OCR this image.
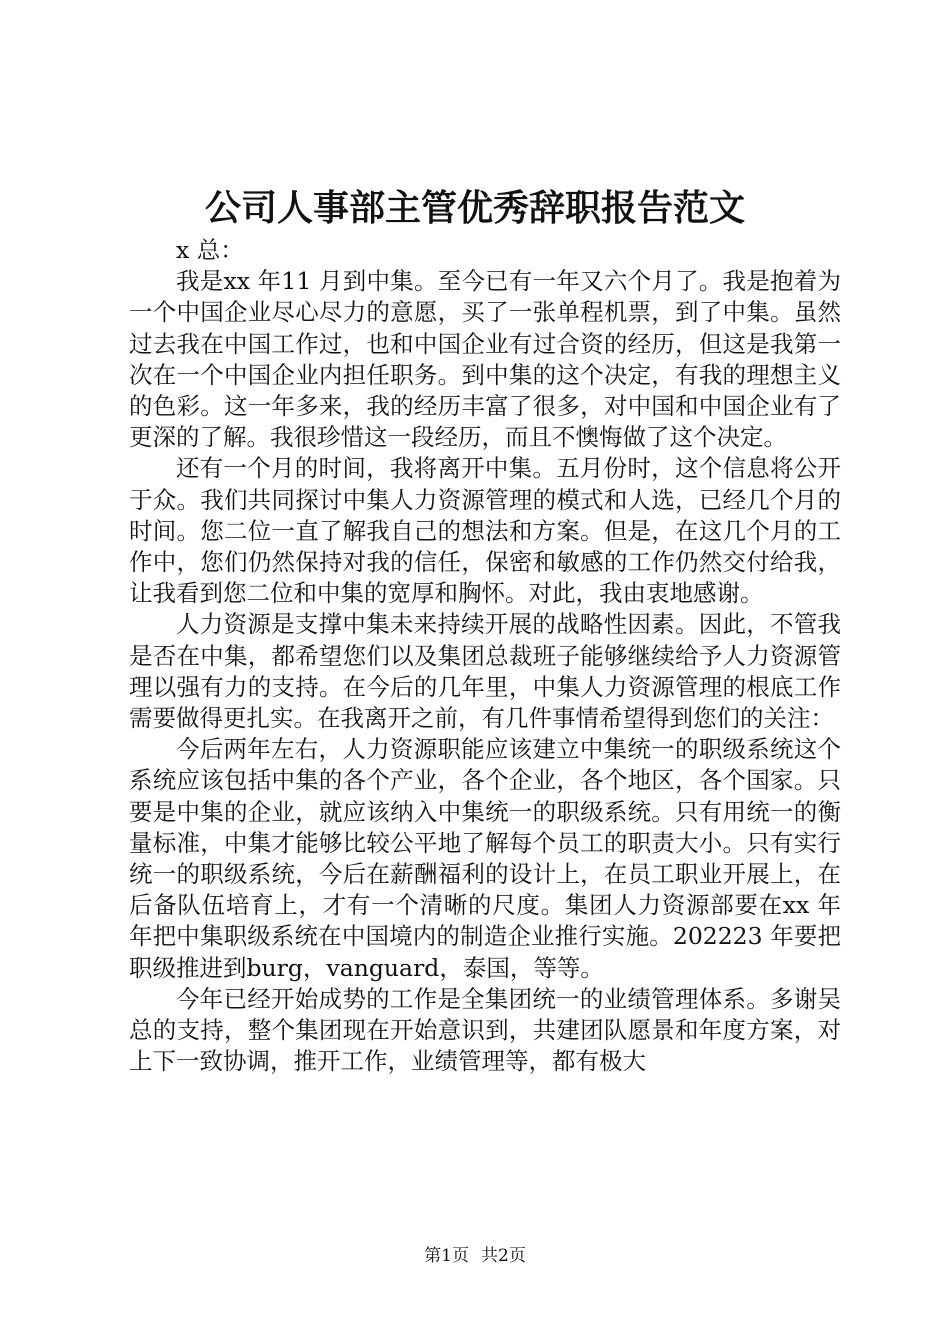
公司人事部主管优秀辞职报告范文

x 总：

我是xx 年11 月到中集。至今已有一年又六个月了。我是抱着为一个中国企业尽心尽力的意愿，买了一张单程机票，到了中集。虽然过去我在中国工作过，也和中国企业有过合资的经历，但这是我第一次在一个中国企业内担任职务。到中集的这个决定，有我的理想主义的色彩。这一年多来，我的经历丰富了很多，对中国和中国企业有了更深的了解。我很珍惜这一段经历，而且不懊悔做了这个决定。

还有一个月的时间，我将离开中集。五月份时，这个信息将公开于众。我们共同探讨中集人力资源管理的模式和人选，已经几个月的时间。您二位一直了解我自己的想法和方案。但是，在这几个月的工作中，您们仍然保持对我的信任，保密和敏感的工作仍然交付给我，让我看到您二位和中集的宽厚和胸怀。对此，我由衷地感谢。

人力资源是支撑中集未来持续开展的战略性因素。因此，不管我是否在中集，都希望您们以及集团总裁班子能够继续给予人力资源管理以强有力的支持。在今后的几年里，中集人力资源管理的根底工作需要做得更扎实。在我离开之前，有几件事情希望得到您们的关注：

今后两年左右，人力资源职能应该建立中集统一的职级系统这个系统应该包括中集的各个产业，各个企业，各个地区，各个国家。只要是中集的企业，就应该纳入中集统一的职级系统。只有用统一的衡量标准，中集才能够比较公平地了解每个员工的职责大小。只有实行统一的职级系统，今后在薪酬福利的设计上，在员工职业开展上，在后备队伍培育上，才有一个清晰的尺度。集团人力资源部要在xx 年年把中集职级系统在中国境内的制造企业推行实施。202223 年要把职级推进到burg，vanguard，泰国，等等。

今年已经开始成势的工作是全集团统一的业绩管理体系。多谢吴总的支持，整个集团现在开始意识到，共建团队愿景和年度方案，对上下一致协调，推开工作，业绩管理等，都有极大

第1页 共2页
